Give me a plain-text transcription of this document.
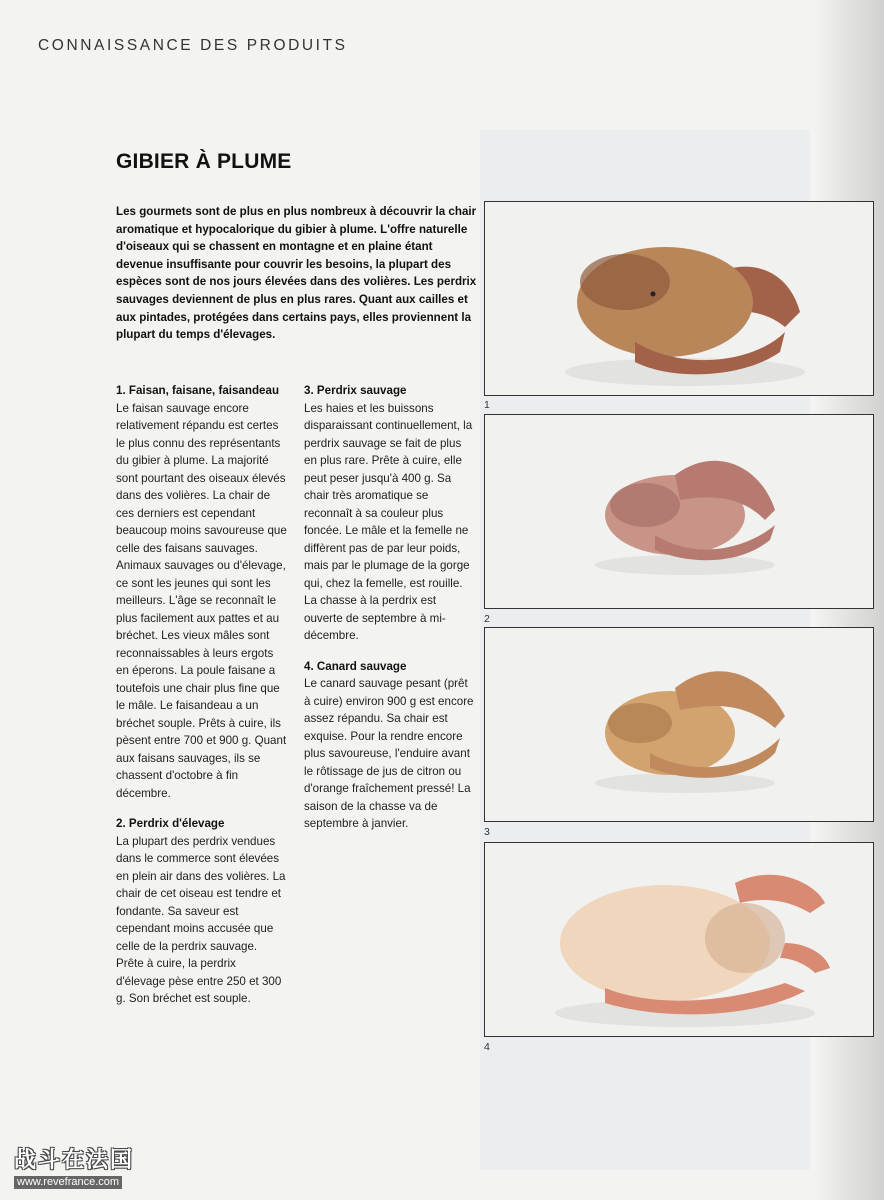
CONNAISSANCE DES PRODUITS
GIBIER À PLUME

Les gourmets sont de plus en plus nombreux à découvrir la chair aromatique et hypocalorique du gibier à plume. L'offre naturelle d'oiseaux qui se chassent en montagne et en plaine étant devenue insuffisante pour couvrir les besoins, la plupart des espèces sont de nos jours élevées dans des volières. Les perdrix sauvages deviennent de plus en plus rares. Quant aux cailles et aux pintades, protégées dans certains pays, elles proviennent la plupart du temps d'élevages.

1. Faisan, faisane, faisandeau
Le faisan sauvage encore relativement répandu est certes le plus connu des représentants du gibier à plume. La majorité sont pourtant des oiseaux élevés dans des volières. La chair de ces derniers est cependant beaucoup moins savoureuse que celle des faisans sauvages. Animaux sauvages ou d'élevage, ce sont les jeunes qui sont les meilleurs. L'âge se reconnaît le plus facilement aux pattes et au bréchet. Les vieux mâles sont reconnaissables à leurs ergots en éperons. La poule faisane a toutefois une chair plus fine que le mâle. Le faisandeau a un bréchet souple. Prêts à cuire, ils pèsent entre 700 et 900 g. Quant aux faisans sauvages, ils se chassent d'octobre à fin décembre.
2. Perdrix d'élevage
La plupart des perdrix vendues dans le commerce sont élevées en plein air dans des volières. La chair de cet oiseau est tendre et fondante. Sa saveur est cependant moins accusée que celle de la perdrix sauvage. Prête à cuire, la perdrix d'élevage pèse entre 250 et 300 g. Son bréchet est souple.
3. Perdrix sauvage
Les haies et les buissons disparaissant continuellement, la perdrix sauvage se fait de plus en plus rare. Prête à cuire, elle peut peser jusqu'à 400 g. Sa chair très aromatique se reconnaît à sa couleur plus foncée. Le mâle et la femelle ne diffèrent pas de par leur poids, mais par le plumage de la gorge qui, chez la femelle, est rouille. La chasse à la perdrix est ouverte de septembre à mi-décembre.
4. Canard sauvage
Le canard sauvage pesant (prêt à cuire) environ 900 g est encore assez répandu. Sa chair est exquise. Pour la rendre encore plus savoureuse, l'enduire avant le rôtissage de jus de citron ou d'orange fraîchement pressé! La saison de la chasse va de septembre à janvier.
1
2
3
4
战斗在法国
www.revefrance.com
